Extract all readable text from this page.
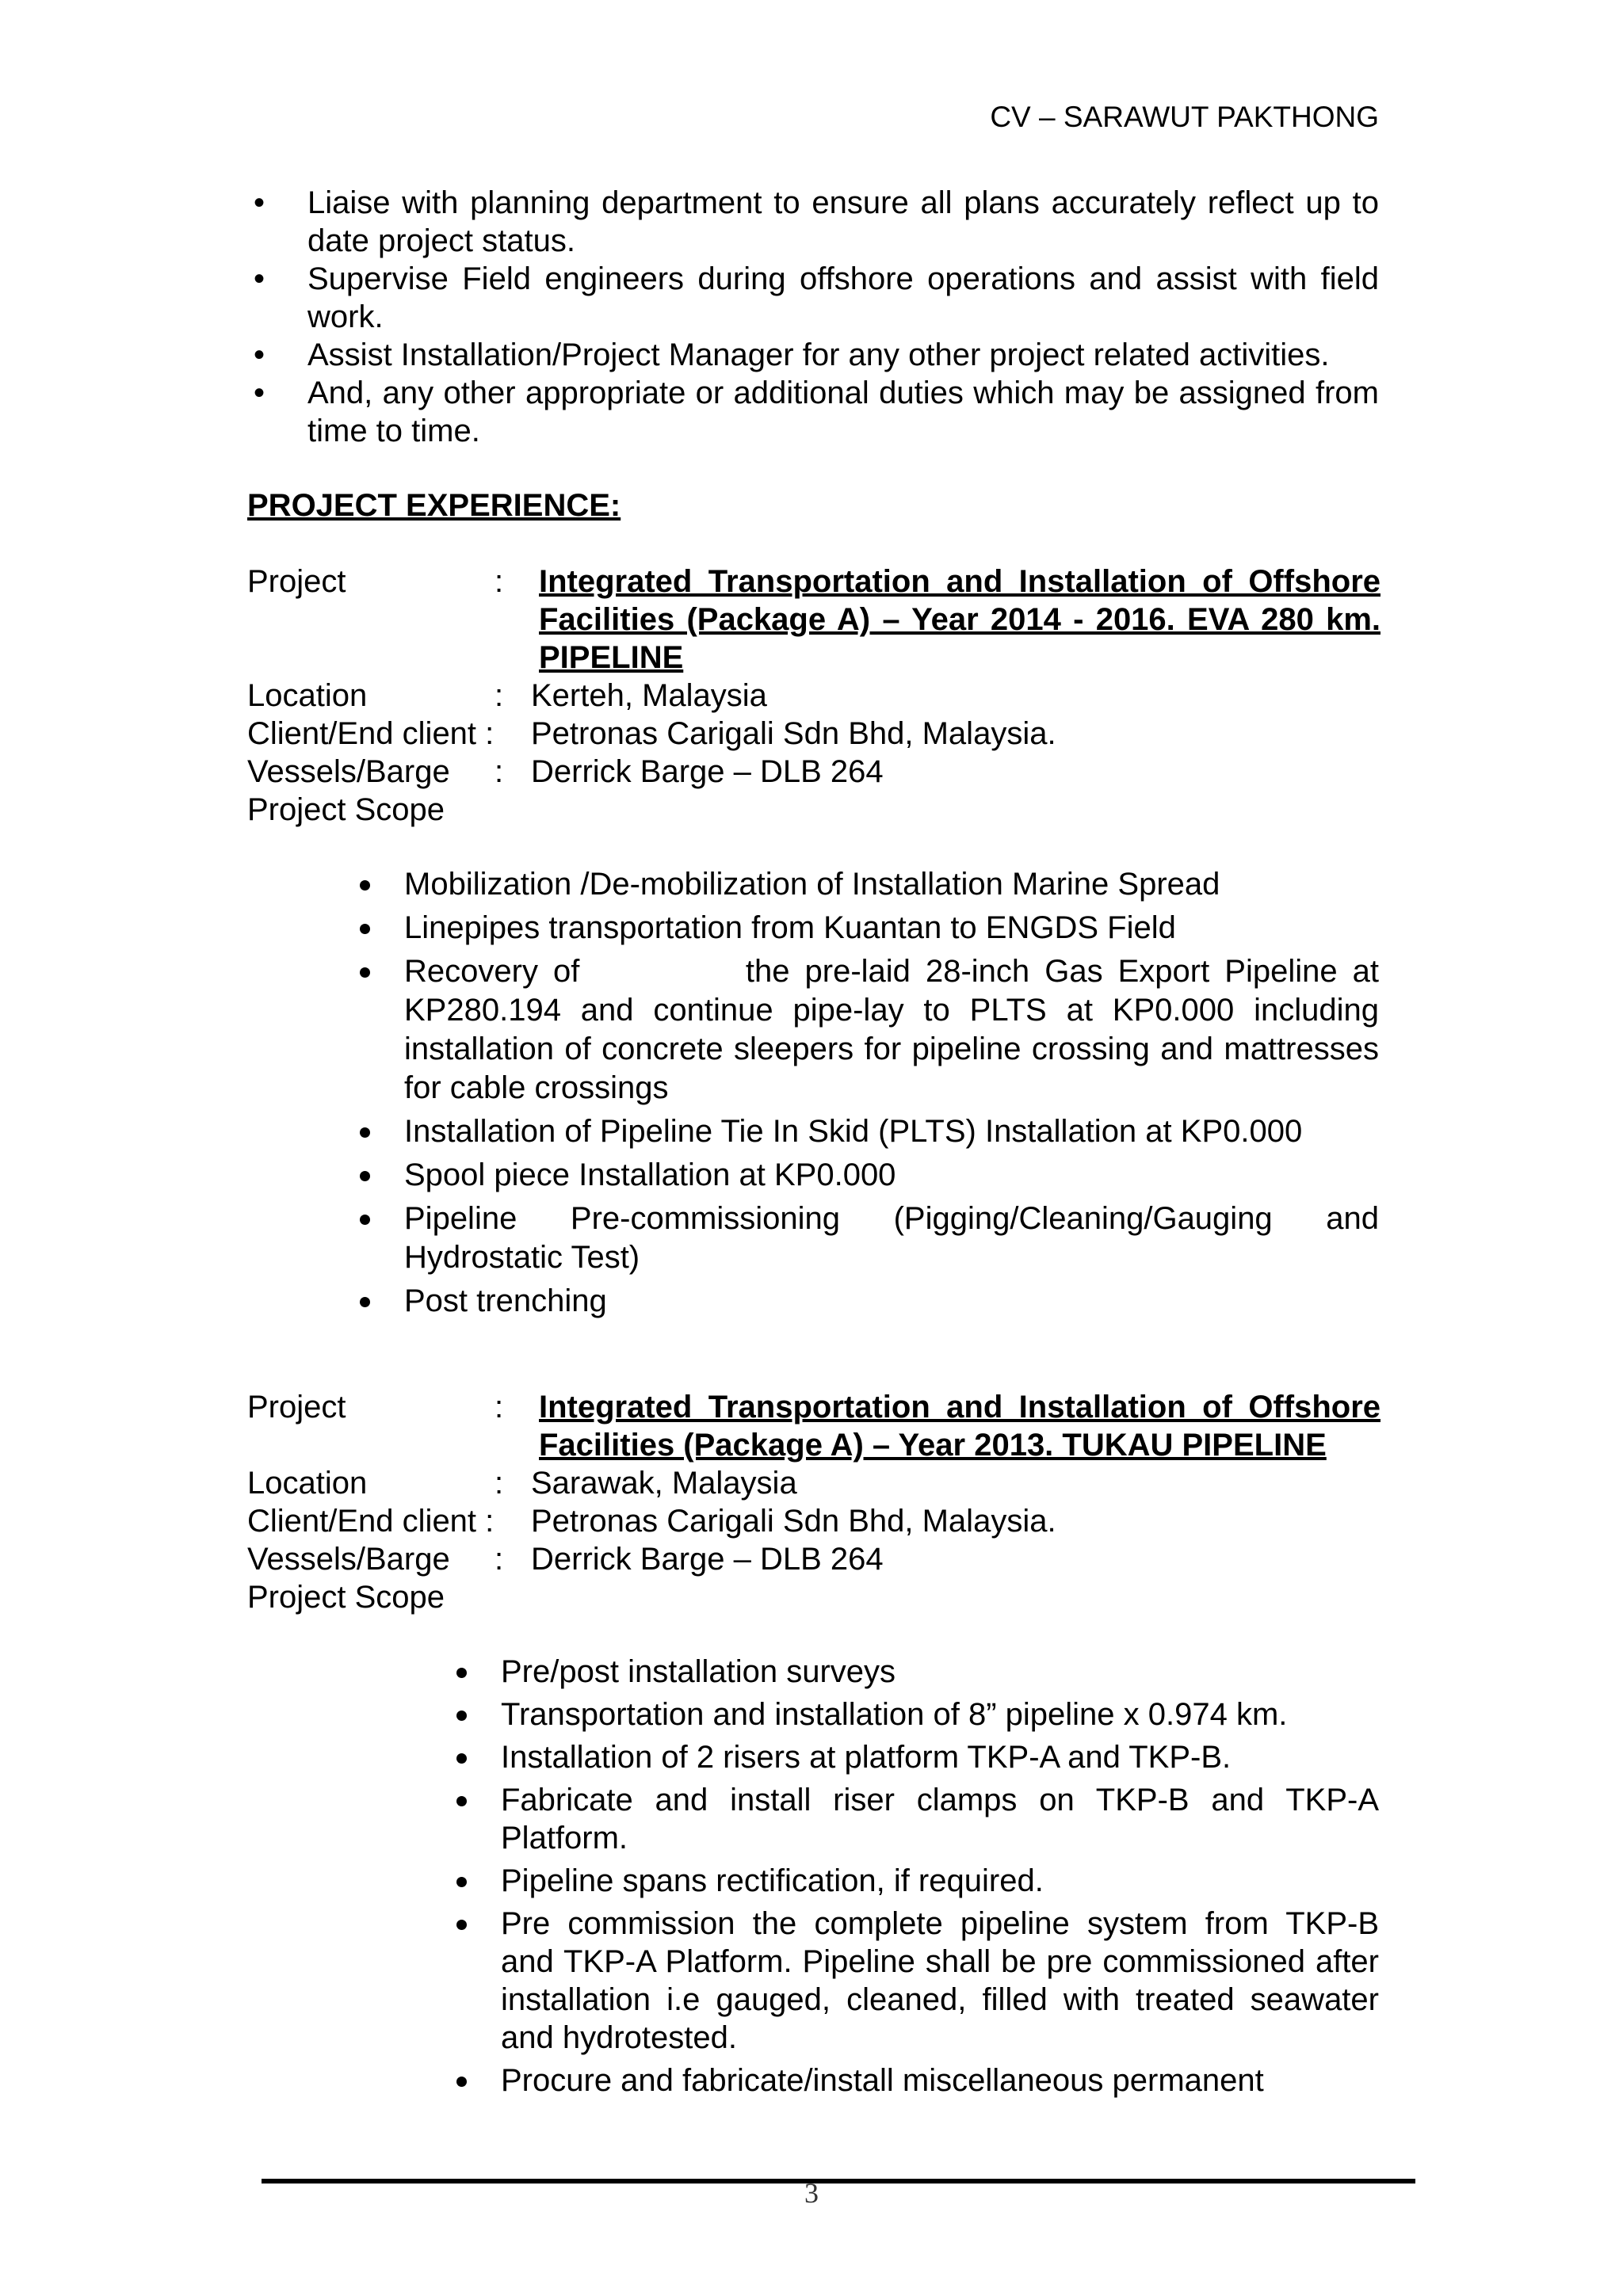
CV – SARAWUT PAKTHONG
• Liaise with planning department to ensure all plans accurately reflect up to date project status.
• Supervise Field engineers during offshore operations and assist with field work.
• Assist Installation/Project Manager for any other project related activities.
• And, any other appropriate or additional duties which may be assigned from time to time.
PROJECT EXPERIENCE:
Project	: Integrated Transportation and Installation of Offshore Facilities (Package A) – Year 2014 - 2016. EVA 280 km. PIPELINE
Location	: Kerteh, Malaysia
Client/End client : Petronas Carigali Sdn Bhd, Malaysia.
Vessels/Barge : Derrick Barge – DLB 264
Project Scope
Mobilization /De-mobilization of Installation Marine Spread
Linepipes transportation from Kuantan to ENGDS Field
Recovery of           the pre-laid 28-inch Gas Export Pipeline at KP280.194 and continue pipe-lay to PLTS at KP0.000 including installation of concrete sleepers for pipeline crossing and mattresses for cable crossings
Installation of Pipeline Tie In Skid (PLTS) Installation at KP0.000
Spool piece Installation at KP0.000
Pipeline Pre-commissioning (Pigging/Cleaning/Gauging and Hydrostatic Test)
Post trenching
Project	: Integrated Transportation and Installation of Offshore Facilities (Package A) – Year 2013. TUKAU PIPELINE
Location	: Sarawak, Malaysia
Client/End client : Petronas Carigali Sdn Bhd, Malaysia.
Vessels/Barge : Derrick Barge – DLB 264
Project Scope
Pre/post installation surveys
Transportation and installation of 8” pipeline x 0.974 km.
Installation of 2 risers at platform TKP-A and TKP-B.
Fabricate and install riser clamps on TKP-B and TKP-A Platform.
Pipeline spans rectification, if required.
Pre commission the complete pipeline system from TKP-B and TKP-A Platform. Pipeline shall be pre commissioned after installation i.e gauged, cleaned, filled with treated seawater and hydrotested.
Procure and fabricate/install miscellaneous permanent
3
